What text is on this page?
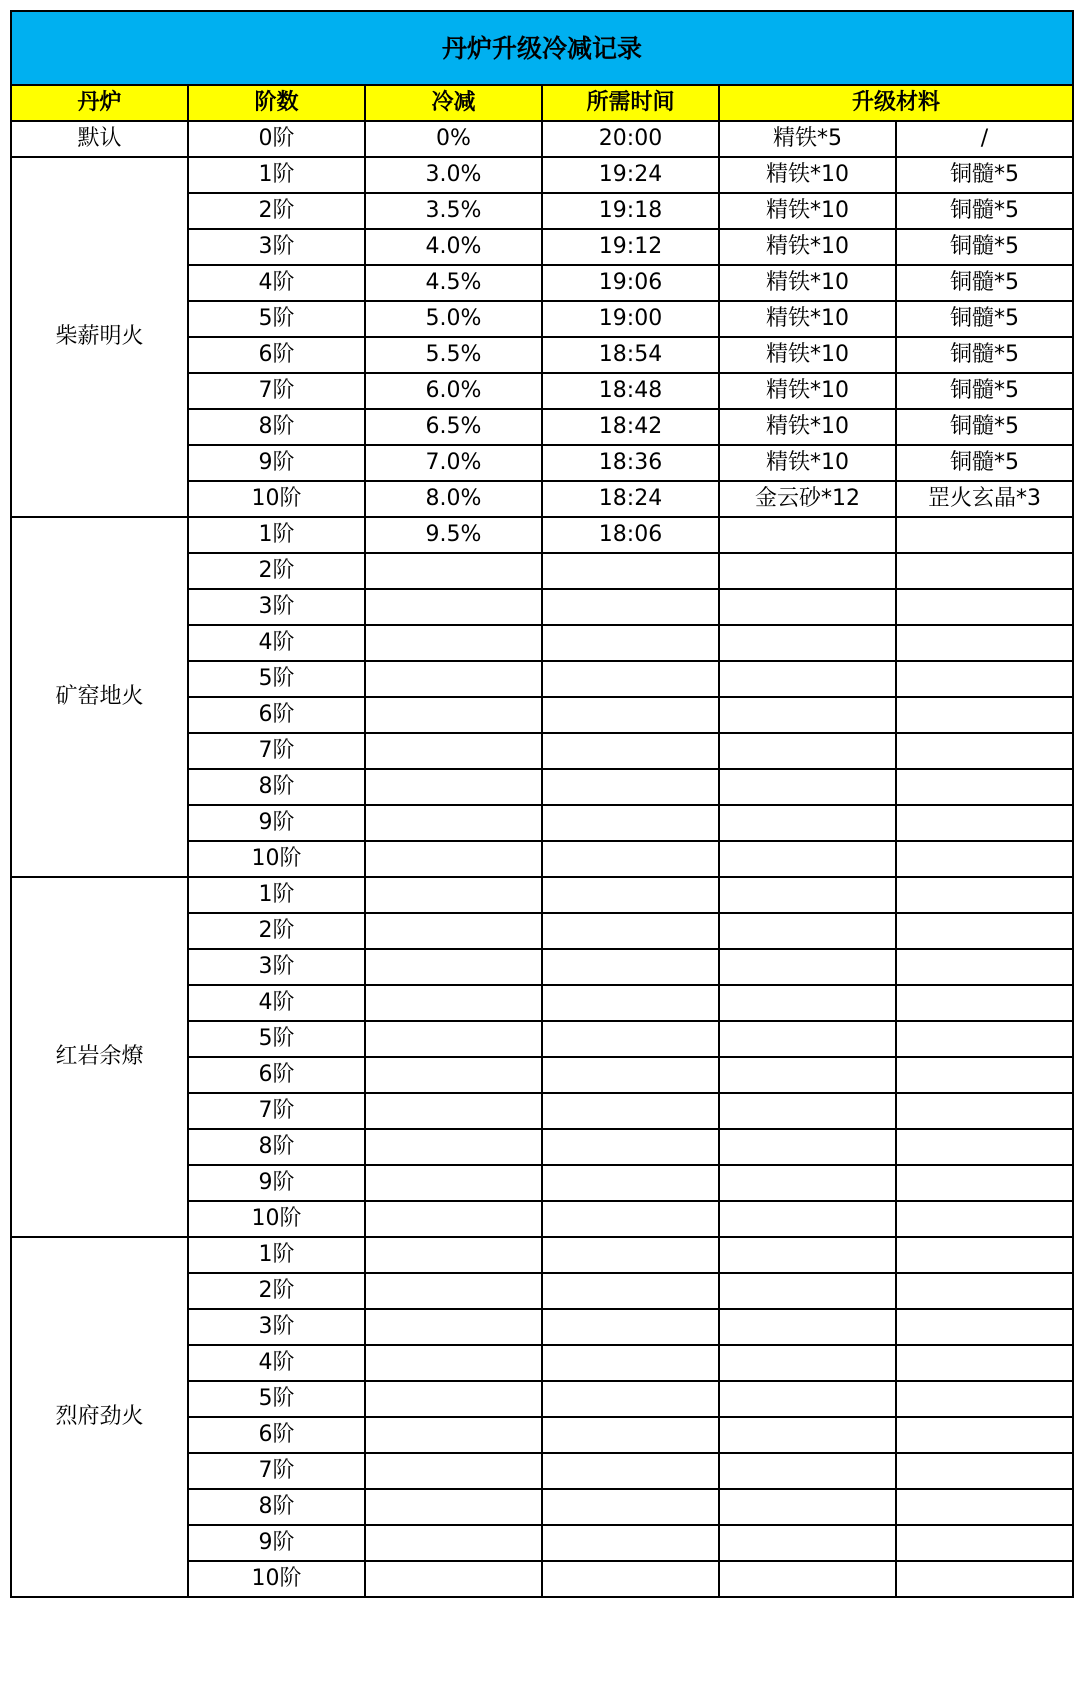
丹炉升级冷减记录					
丹炉	阶数	冷减	所需时间	升级材料	
默认	0阶	0%	20:00	精铁*5	/
柴薪明火	1阶	3.0%	19:24	精铁*10	铜髓*5
	2阶	3.5%	19:18	精铁*10	铜髓*5
	3阶	4.0%	19:12	精铁*10	铜髓*5
	4阶	4.5%	19:06	精铁*10	铜髓*5
	5阶	5.0%	19:00	精铁*10	铜髓*5
	6阶	5.5%	18:54	精铁*10	铜髓*5
	7阶	6.0%	18:48	精铁*10	铜髓*5
	8阶	6.5%	18:42	精铁*10	铜髓*5
	9阶	7.0%	18:36	精铁*10	铜髓*5
	10阶	8.0%	18:24	金云砂*12	罡火玄晶*3
矿窑地火	1阶	9.5%	18:06		
	2阶				
	3阶				
	4阶				
	5阶				
	6阶				
	7阶				
	8阶				
	9阶				
	10阶				
红岩余燎	1阶				
	2阶				
	3阶				
	4阶				
	5阶				
	6阶				
	7阶				
	8阶				
	9阶				
	10阶				
烈府劲火	1阶				
	2阶				
	3阶				
	4阶				
	5阶				
	6阶				
	7阶				
	8阶				
	9阶				
	10阶				
